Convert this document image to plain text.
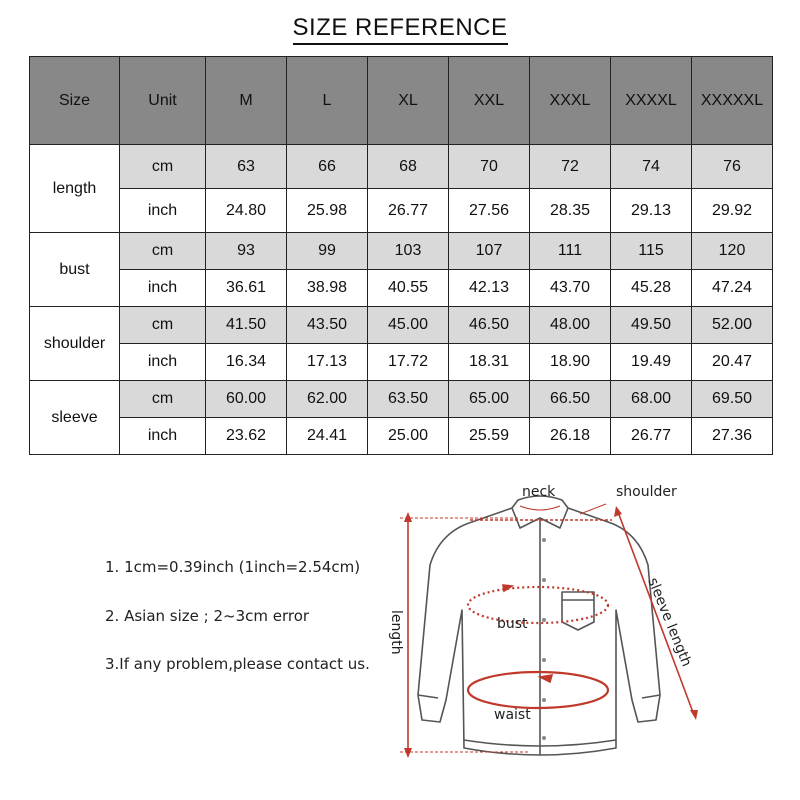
SIZE REFERENCE
Size	Unit	M	L	XL	XXL	XXXL	XXXXL	XXXXXL
length	cm	63	66	68	70	72	74	76
	inch	24.80	25.98	26.77	27.56	28.35	29.13	29.92
bust	cm	93	99	103	107	111	115	120
	inch	36.61	38.98	40.55	42.13	43.70	45.28	47.24
shoulder	cm	41.50	43.50	45.00	46.50	48.00	49.50	52.00
	inch	16.34	17.13	17.72	18.31	18.90	19.49	20.47
sleeve	cm	60.00	62.00	63.50	65.00	66.50	68.00	69.50
	inch	23.62	24.41	25.00	25.59	26.18	26.77	27.36
1. 1cm=0.39inch (1inch=2.54cm)
2. Asian size ; 2~3cm error
3.If any problem,please contact us.
neck	shoulder
bust
waist
length	sleeve length
